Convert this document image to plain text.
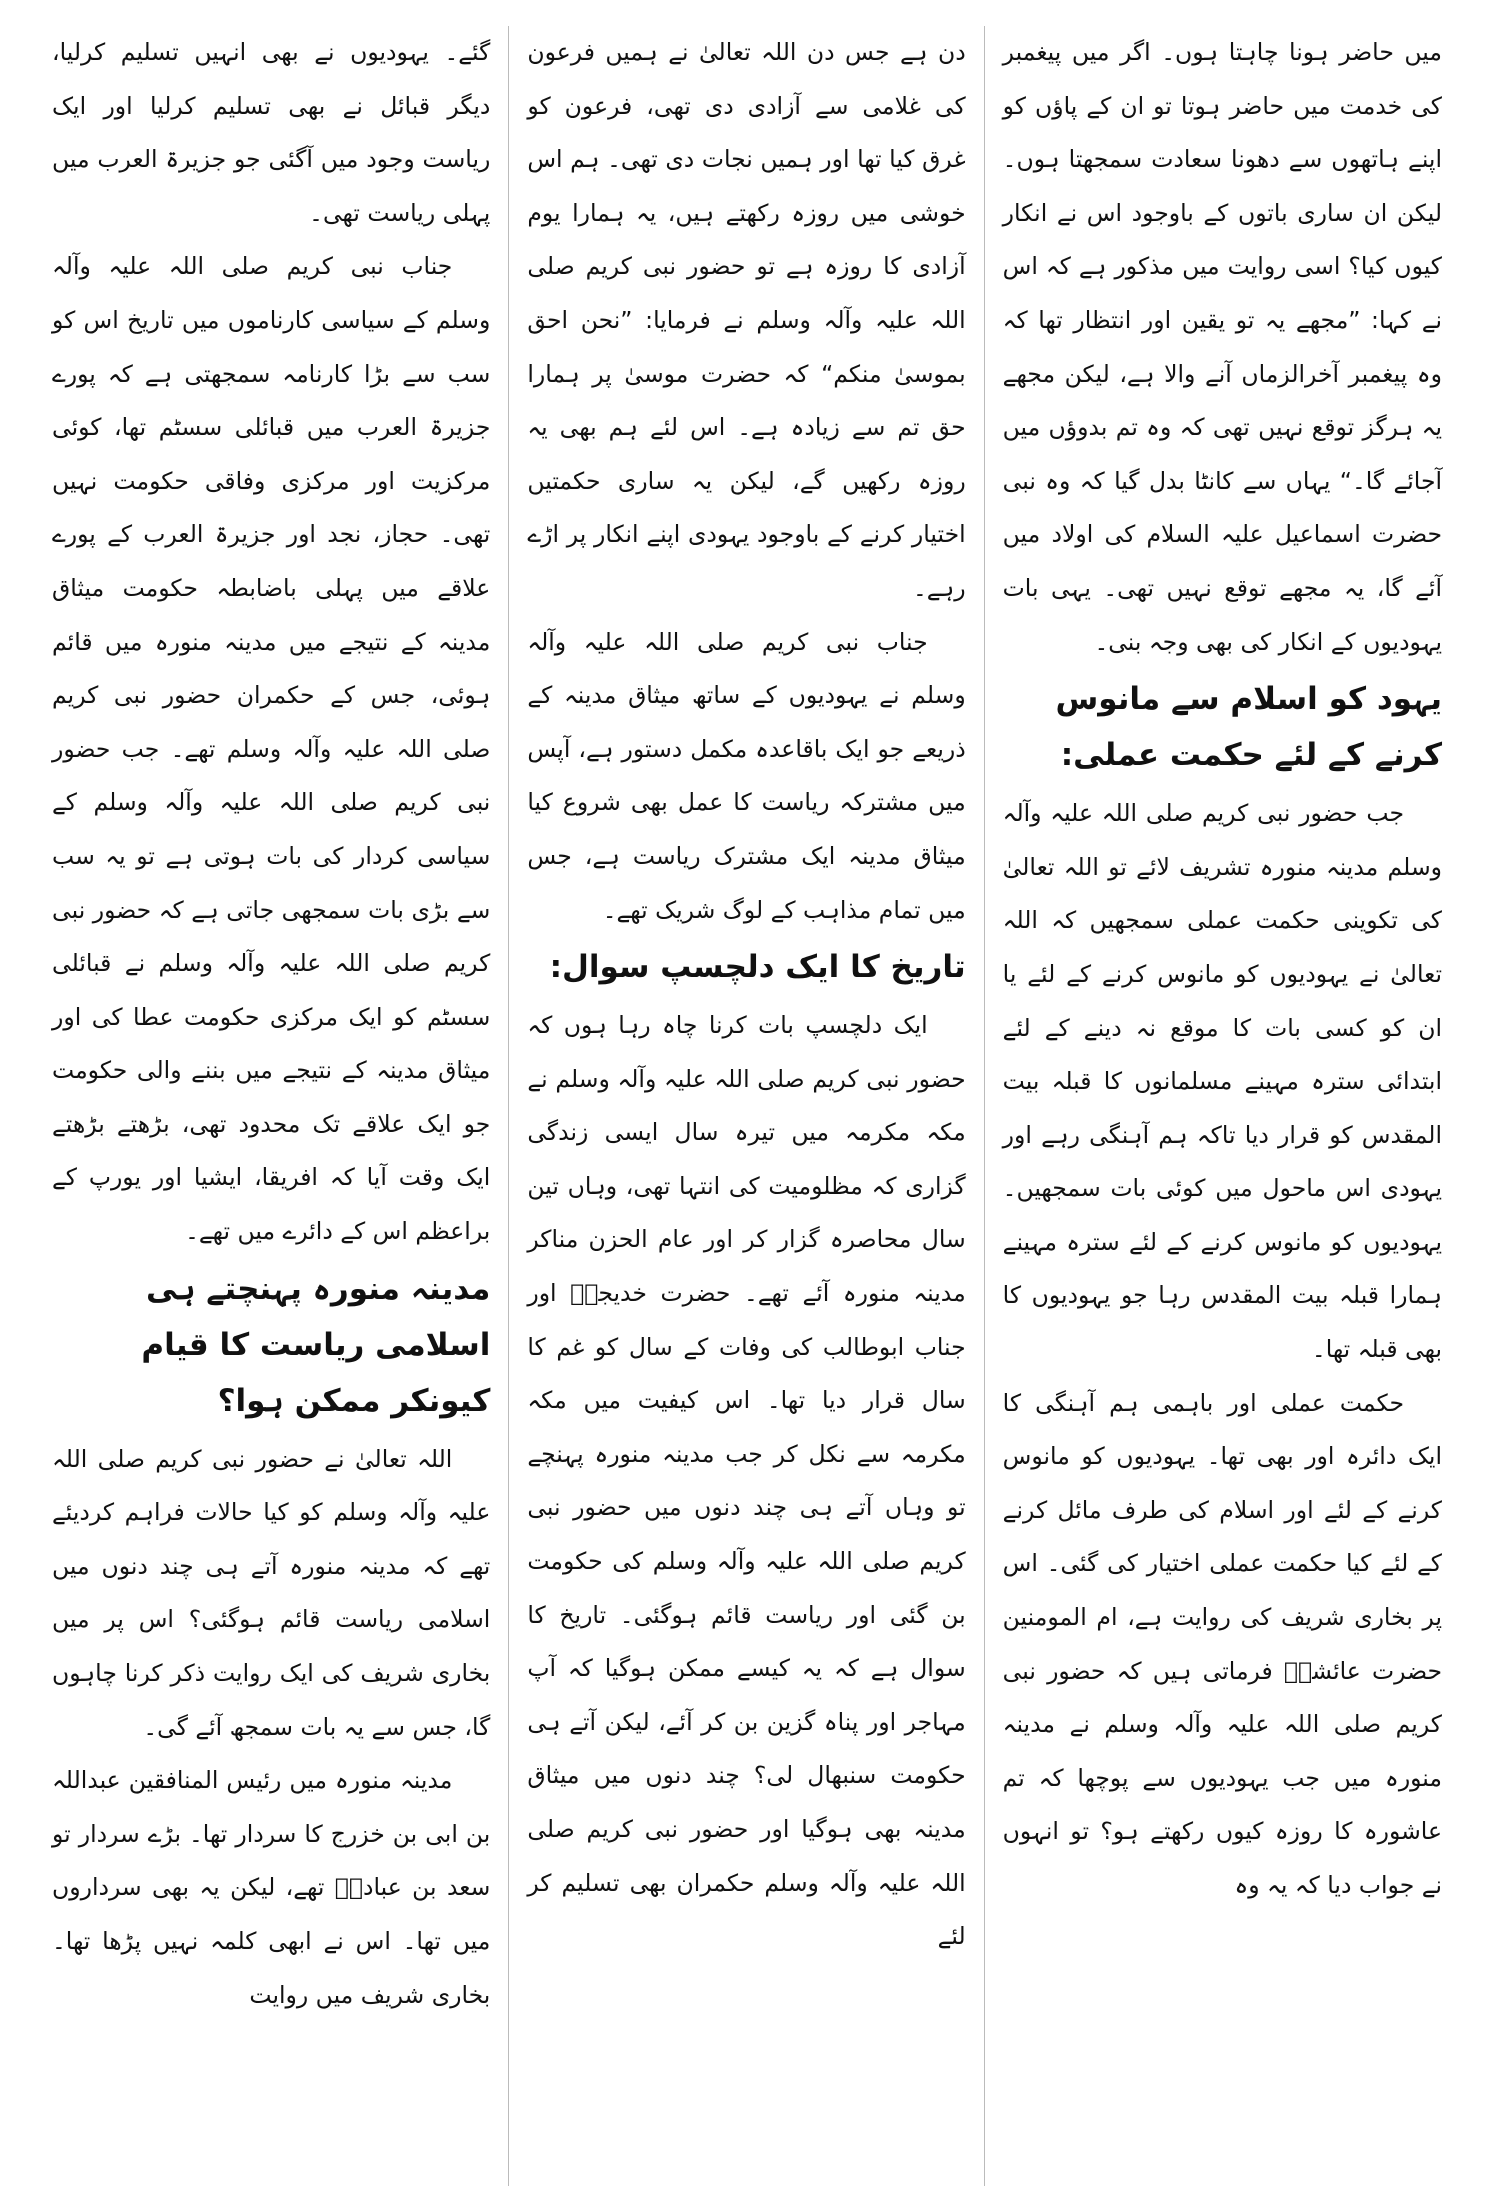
میں حاضر ہونا چاہتا ہوں۔ اگر میں پیغمبر کی خدمت میں حاضر ہوتا تو ان کے پاؤں کو اپنے ہاتھوں سے دھونا سعادت سمجھتا ہوں۔ لیکن ان ساری باتوں کے باوجود اس نے انکار کیوں کیا؟ اسی روایت میں مذکور ہے کہ اس نے کہا: ”مجھے یہ تو یقین اور انتظار تھا کہ وہ پیغمبر آخرالزماں آنے والا ہے، لیکن مجھے یہ ہرگز توقع نہیں تھی کہ وہ تم بدوؤں میں آجائے گا۔“ یہاں سے کانٹا بدل گیا کہ وہ نبی حضرت اسماعیل علیہ السلام کی اولاد میں آئے گا، یہ مجھے توقع نہیں تھی۔ یہی بات یہودیوں کے انکار کی بھی وجہ بنی۔

یہود کو اسلام سے مانوس کرنے کے لئے حکمت عملی:

جب حضور نبی کریم صلی اللہ علیہ وآلہ وسلم مدینہ منورہ تشریف لائے تو اللہ تعالیٰ کی تکوینی حکمت عملی سمجھیں کہ اللہ تعالیٰ نے یہودیوں کو مانوس کرنے کے لئے یا ان کو کسی بات کا موقع نہ دینے کے لئے ابتدائی سترہ مہینے مسلمانوں کا قبلہ بیت المقدس کو قرار دیا تاکہ ہم آہنگی رہے اور یہودی اس ماحول میں کوئی بات سمجھیں۔ یہودیوں کو مانوس کرنے کے لئے سترہ مہینے ہمارا قبلہ بیت المقدس رہا جو یہودیوں کا بھی قبلہ تھا۔

حکمت عملی اور باہمی ہم آہنگی کا ایک دائرہ اور بھی تھا۔ یہودیوں کو مانوس کرنے کے لئے اور اسلام کی طرف مائل کرنے کے لئے کیا حکمت عملی اختیار کی گئی۔ اس پر بخاری شریف کی روایت ہے، ام المومنین حضرت عائشہؓ فرماتی ہیں کہ حضور نبی کریم صلی اللہ علیہ وآلہ وسلم نے مدینہ منورہ میں جب یہودیوں سے پوچھا کہ تم عاشورہ کا روزہ کیوں رکھتے ہو؟ تو انہوں نے جواب دیا کہ یہ وہ

دن ہے جس دن اللہ تعالیٰ نے ہمیں فرعون کی غلامی سے آزادی دی تھی، فرعون کو غرق کیا تھا اور ہمیں نجات دی تھی۔ ہم اس خوشی میں روزہ رکھتے ہیں، یہ ہمارا یوم آزادی کا روزہ ہے تو حضور نبی کریم صلی اللہ علیہ وآلہ وسلم نے فرمایا: ”نحن احق بموسیٰ منکم“ کہ حضرت موسیٰ پر ہمارا حق تم سے زیادہ ہے۔ اس لئے ہم بھی یہ روزہ رکھیں گے، لیکن یہ ساری حکمتیں اختیار کرنے کے باوجود یہودی اپنے انکار پر اڑے رہے۔

جناب نبی کریم صلی اللہ علیہ وآلہ وسلم نے یہودیوں کے ساتھ میثاق مدینہ کے ذریعے جو ایک باقاعدہ مکمل دستور ہے، آپس میں مشترکہ ریاست کا عمل بھی شروع کیا میثاق مدینہ ایک مشترک ریاست ہے، جس میں تمام مذاہب کے لوگ شریک تھے۔

تاریخ کا ایک دلچسپ سوال:

ایک دلچسپ بات کرنا چاہ رہا ہوں کہ حضور نبی کریم صلی اللہ علیہ وآلہ وسلم نے مکہ مکرمہ میں تیرہ سال ایسی زندگی گزاری کہ مظلومیت کی انتہا تھی، وہاں تین سال محاصرہ گزار کر اور عام الحزن مناکر مدینہ منورہ آئے تھے۔ حضرت خدیجہؓ اور جناب ابوطالب کی وفات کے سال کو غم کا سال قرار دیا تھا۔ اس کیفیت میں مکہ مکرمہ سے نکل کر جب مدینہ منورہ پہنچے تو وہاں آتے ہی چند دنوں میں حضور نبی کریم صلی اللہ علیہ وآلہ وسلم کی حکومت بن گئی اور ریاست قائم ہوگئی۔ تاریخ کا سوال ہے کہ یہ کیسے ممکن ہوگیا کہ آپ مہاجر اور پناہ گزین بن کر آئے، لیکن آتے ہی حکومت سنبھال لی؟ چند دنوں میں میثاق مدینہ بھی ہوگیا اور حضور نبی کریم صلی اللہ علیہ وآلہ وسلم حکمران بھی تسلیم کر لئے

گئے۔ یہودیوں نے بھی انہیں تسلیم کرلیا، دیگر قبائل نے بھی تسلیم کرلیا اور ایک ریاست وجود میں آگئی جو جزیرۃ العرب میں پہلی ریاست تھی۔

جناب نبی کریم صلی اللہ علیہ وآلہ وسلم کے سیاسی کارناموں میں تاریخ اس کو سب سے بڑا کارنامہ سمجھتی ہے کہ پورے جزیرۃ العرب میں قبائلی سسٹم تھا، کوئی مرکزیت اور مرکزی وفاقی حکومت نہیں تھی۔ حجاز، نجد اور جزیرۃ العرب کے پورے علاقے میں پہلی باضابطہ حکومت میثاق مدینہ کے نتیجے میں مدینہ منورہ میں قائم ہوئی، جس کے حکمران حضور نبی کریم صلی اللہ علیہ وآلہ وسلم تھے۔ جب حضور نبی کریم صلی اللہ علیہ وآلہ وسلم کے سیاسی کردار کی بات ہوتی ہے تو یہ سب سے بڑی بات سمجھی جاتی ہے کہ حضور نبی کریم صلی اللہ علیہ وآلہ وسلم نے قبائلی سسٹم کو ایک مرکزی حکومت عطا کی اور میثاق مدینہ کے نتیجے میں بننے والی حکومت جو ایک علاقے تک محدود تھی، بڑھتے بڑھتے ایک وقت آیا کہ افریقا، ایشیا اور یورپ کے براعظم اس کے دائرے میں تھے۔

مدینہ منورہ پہنچتے ہی اسلامی ریاست کا قیام کیونکر ممکن ہوا؟

اللہ تعالیٰ نے حضور نبی کریم صلی اللہ علیہ وآلہ وسلم کو کیا حالات فراہم کردیئے تھے کہ مدینہ منورہ آتے ہی چند دنوں میں اسلامی ریاست قائم ہوگئی؟ اس پر میں بخاری شریف کی ایک روایت ذکر کرنا چاہوں گا، جس سے یہ بات سمجھ آئے گی۔

مدینہ منورہ میں رئیس المنافقین عبداللہ بن ابی بن خزرج کا سردار تھا۔ بڑے سردار تو سعد بن عبادہؓ تھے، لیکن یہ بھی سرداروں میں تھا۔ اس نے ابھی کلمہ نہیں پڑھا تھا۔ بخاری شریف میں روایت
